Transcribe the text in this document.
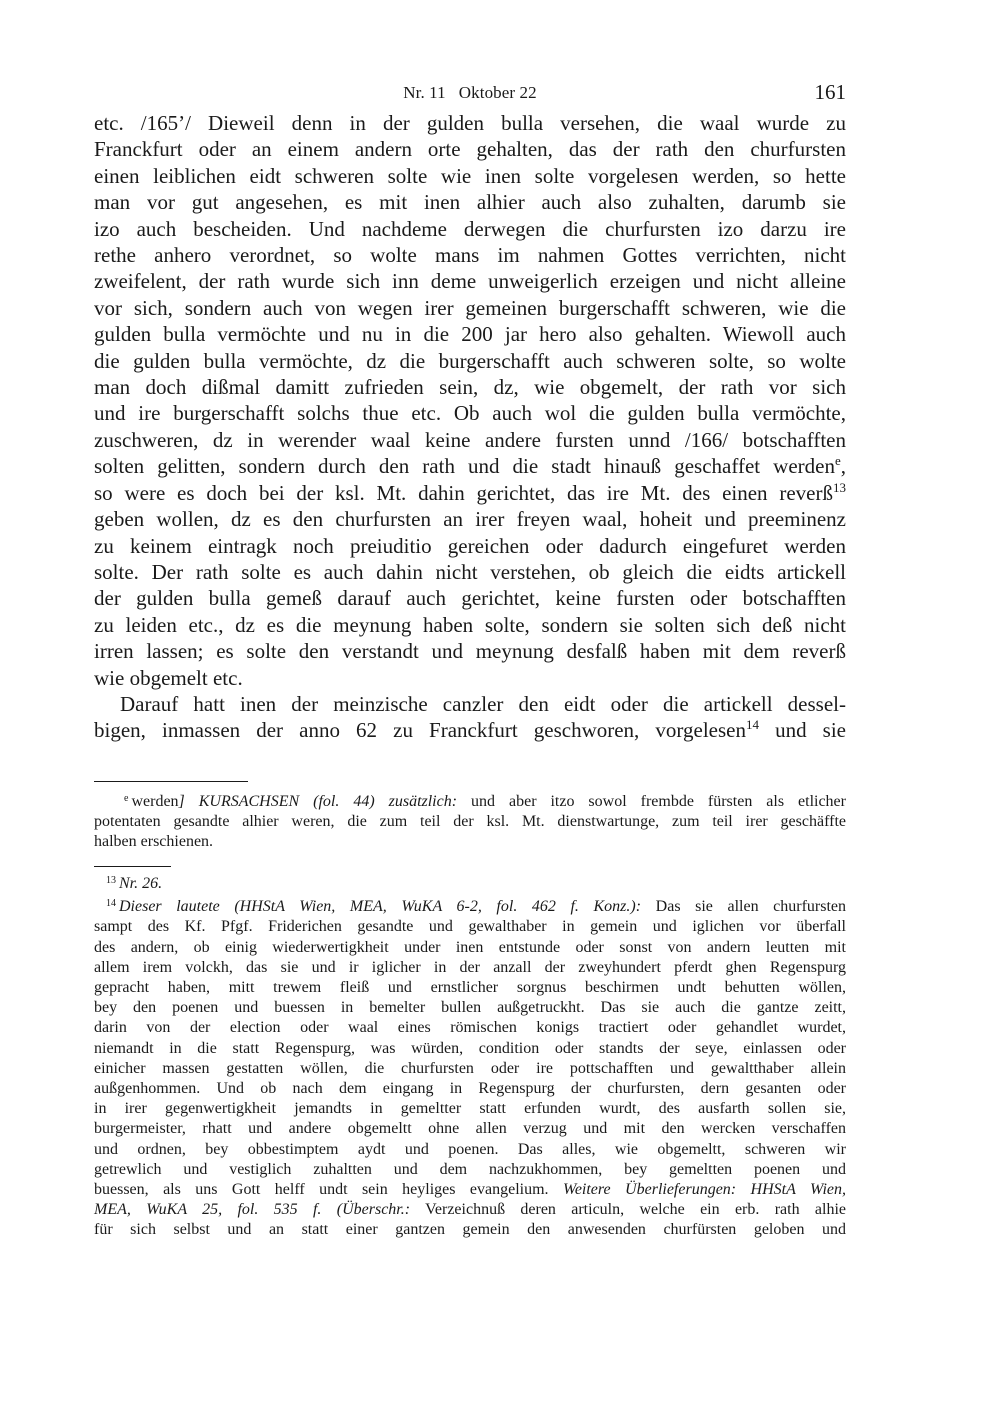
Nr. 11   Oktober 22	161
etc. /165’/ Dieweil denn in der gulden bulla versehen, die waal wurde zu
Franckfurt oder an einem andern orte gehalten, das der rath den churfursten
einen leiblichen eidt schweren solte wie inen solte vorgelesen werden, so hette
man vor gut angesehen, es mit inen alhier auch also zuhalten, darumb sie
izo auch bescheiden. Und nachdeme derwegen die churfursten izo darzu ire
rethe anhero verordnet, so wolte mans im nahmen Gottes verrichten, nicht
zweifelent, der rath wurde sich inn deme unweigerlich erzeigen und nicht alleine
vor sich, sondern auch von wegen irer gemeinen burgerschafft schweren, wie die
gulden bulla vermöchte und nu in die 200 jar hero also gehalten. Wiewoll auch
die gulden bulla vermöchte, dz die burgerschafft auch schweren solte, so wolte
man doch dißmal damitt zufrieden sein, dz, wie obgemelt, der rath vor sich
und ire burgerschafft solchs thue etc. Ob auch wol die gulden bulla vermöchte,
zuschweren, dz in werender waal keine andere fursten unnd /166/ botschafften
solten gelitten, sondern durch den rath und die stadt hinauß geschaffet werden$^e$,
so were es doch bei der ksl. Mt. dahin gerichtet, das ire Mt. des einen reverß$^{13}$
geben wollen, dz es den churfursten an irer freyen waal, hoheit und preeminenz
zu keinem eintragk noch preiuditio gereichen oder dadurch eingefuret werden
solte. Der rath solte es auch dahin nicht verstehen, ob gleich die eidts artickell
der gulden bulla gemeß darauf auch gerichtet, keine fursten oder botschafften
zu leiden etc., dz es die meynung haben solte, sondern sie solten sich deß nicht
irren lassen; es solte den verstandt und meynung desfalß haben mit dem reverß
wie obgemelt etc.
Darauf hatt inen der meinzische canzler den eidt oder die artickell dessel-
bigen, inmassen der anno 62 zu Franckfurt geschworen, vorgelesen$^{14}$ und sie
$^e$ werden] KURSACHSEN (fol. 44) zusätzlich: und aber itzo sowol frembde fürsten als etlicher
potentaten gesandte alhier weren, die zum teil der ksl. Mt. dienstwartunge, zum teil irer geschäffte
halben erschienen.
$^{13}$ Nr. 26.
$^{14}$ Dieser lautete (HHStA Wien, MEA, WuKA 6-2, fol. 462 f. Konz.): Das sie allen churfursten
sampt des Kf. Pfgf. Friderichen gesandte und gewalthaber in gemein und iglichen vor überfall
des andern, ob einig wiederwertigkheit under inen entstunde oder sonst von andern leutten mit
allem irem volckh, das sie und ir iglicher in der anzall der zweyhundert pferdt ghen Regenspurg
gepracht haben, mitt trewem fleiß und ernstlicher sorgnus beschirmen undt behutten wöllen,
bey den poenen und buessen in bemelter bullen außgetruckht. Das sie auch die gantze zeitt,
darin von der election oder waal eines römischen konigs tractiert oder gehandlet wurdet,
niemandt in die statt Regenspurg, was würden, condition oder standts der seye, einlassen oder
einicher massen gestatten wöllen, die churfursten oder ire pottschafften und gewaltthaber allein
außgenhommen. Und ob nach dem eingang in Regenspurg der churfursten, dern gesanten oder
in irer gegenwertigkheit jemandts in gemeltter statt erfunden wurdt, des ausfarth sollen sie,
burgermeister, rhatt und andere obgemeltt ohne allen verzug und mit den wercken verschaffen
und ordnen, bey obbestimptem aydt und poenen. Das alles, wie obgemeltt, schweren wir
getrewlich und vestiglich zuhaltten und dem nachzukhommen, bey gemeltten poenen und
buessen, als uns Gott helff undt sein heyliges evangelium. Weitere Überlieferungen: HHStA Wien,
MEA, WuKA 25, fol. 535 f. (Überschr.: Verzeichnuß deren articuln, welche ein erb. rath alhie
für sich selbst und an statt einer gantzen gemein den anwesenden churfürsten geloben und
